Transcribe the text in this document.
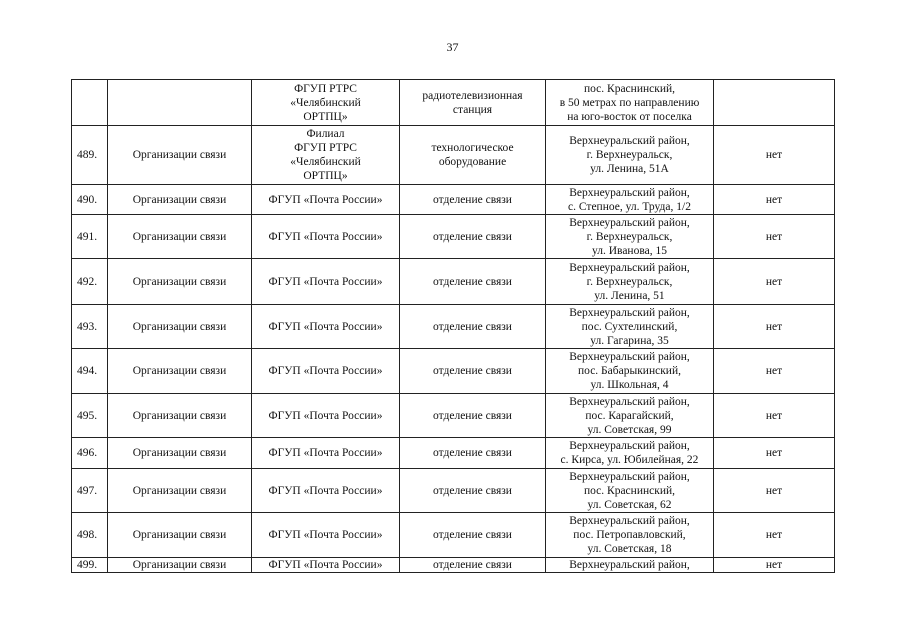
37

		ФГУП РТРС
«Челябинский
ОРТПЦ»	радиотелевизионная
станция	пос. Краснинский,
в 50 метрах по направлению
на юго-восток от поселка	

489.	Организации связи	Филиал
ФГУП РТРС
«Челябинский
ОРТПЦ»	технологическое
оборудование	Верхнеуральский район,
г. Верхнеуральск,
ул. Ленина, 51А	нет
490.	Организации связи	ФГУП «Почта России»	отделение связи	Верхнеуральский район,
с. Степное, ул. Труда, 1/2	нет
491.	Организации связи	ФГУП «Почта России»	отделение связи	Верхнеуральский район,
г. Верхнеуральск,
ул. Иванова, 15	нет
492.	Организации связи	ФГУП «Почта России»	отделение связи	Верхнеуральский район,
г. Верхнеуральск,
ул. Ленина, 51	нет
493.	Организации связи	ФГУП «Почта России»	отделение связи	Верхнеуральский район,
пос. Сухтелинский,
ул. Гагарина, 35	нет
494.	Организации связи	ФГУП «Почта России»	отделение связи	Верхнеуральский район,
пос. Бабарыкинский,
ул. Школьная, 4	нет
495.	Организации связи	ФГУП «Почта России»	отделение связи	Верхнеуральский район,
пос. Карагайский,
ул. Советская, 99	нет
496.	Организации связи	ФГУП «Почта России»	отделение связи	Верхнеуральский район,
с. Кирса, ул. Юбилейная, 22	нет
497.	Организации связи	ФГУП «Почта России»	отделение связи	Верхнеуральский район,
пос. Краснинский,
ул. Советская, 62	нет
498.	Организации связи	ФГУП «Почта России»	отделение связи	Верхнеуральский район,
пос. Петропавловский,
ул. Советская, 18	нет
499.	Организации связи	ФГУП «Почта России»	отделение связи	Верхнеуральский район,	нет
